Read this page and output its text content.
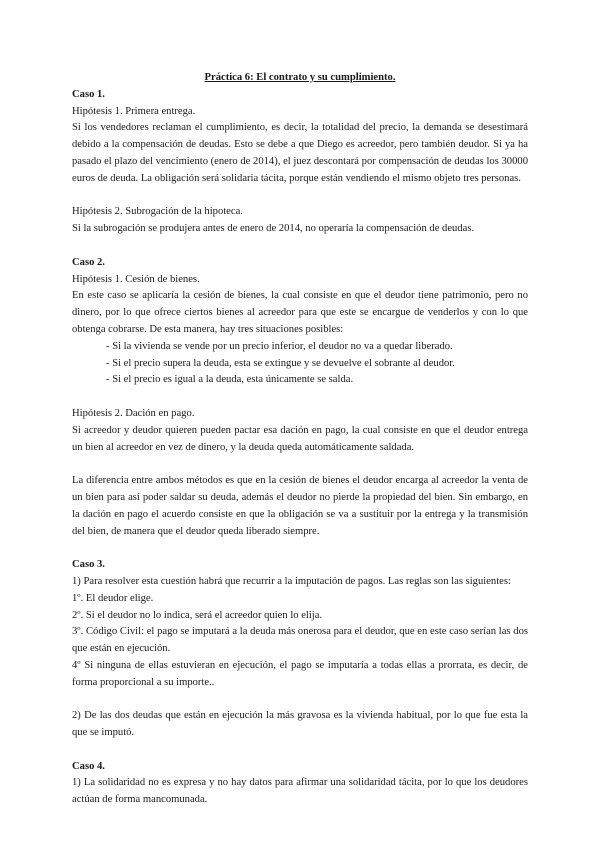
Práctica 6: El contrato y su cumplimiento.

Caso 1.

Hipótesis 1. Primera entrega.

Si los vendedores reclaman el cumplimiento, es decir, la totalidad del precio, la demanda se desestimará debido a la compensación de deudas. Esto se debe a que Diego es acreedor, pero también deudor. Si ya ha pasado el plazo del vencimiento (enero de 2014), el juez descontará por compensación de deudas los 30000 euros de deuda. La obligación será solidaria tácita, porque están vendiendo el mismo objeto tres personas.

Hipótesis 2. Subrogación de la hipoteca.

Si la subrogación se produjera antes de enero de 2014, no operaría la compensación de deudas.

Caso 2.

Hipótesis 1. Cesión de bienes.

En este caso se aplicaría la cesión de bienes, la cual consiste en que el deudor tiene patrimonio, pero no dinero, por lo que ofrece ciertos bienes al acreedor para que este se encargue de venderlos y con lo que obtenga cobrarse. De esta manera, hay tres situaciones posibles:

- Si la vivienda se vende por un precio inferior, el deudor no va a quedar liberado.
- Si el precio supera la deuda, esta se extingue y se devuelve el sobrante al deudor.
- Si el precio es igual a la deuda, esta únicamente se salda.

Hipótesis 2. Dación en pago.

Si acreedor y deudor quieren pueden pactar esa dación en pago, la cual consiste en que el deudor entrega un bien al acreedor en vez de dinero, y la deuda queda automáticamente saldada.

La diferencia entre ambos métodos es que en la cesión de bienes el deudor encarga al acreedor la venta de un bien para así poder saldar su deuda, además el deudor no pierde la propiedad del bien. Sin embargo, en la dación en pago el acuerdo consiste en que la obligación se va a sustituir por la entrega y la transmisión del bien, de manera que el deudor queda liberado siempre.

Caso 3.

1) Para resolver esta cuestión habrá que recurrir a la imputación de pagos. Las reglas son las siguientes:

1º. El deudor elige.

2º. Si el deudor no lo indica, será el acreedor quien lo elija.

3º. Código Civil: el pago se imputará a la deuda más onerosa para el deudor, que en este caso serían las dos que están en ejecución.

4º Si ninguna de ellas estuvieran en ejecución, el pago se imputaría a todas ellas a prorrata, es decir, de forma proporcional a su importe..

2) De las dos deudas que están en ejecución la más gravosa es la vivienda habitual, por lo que fue esta la que se imputó.

Caso 4.

1) La solidaridad no es expresa y no hay datos para afirmar una solidaridad tácita, por lo que los deudores actúan de forma mancomunada.
